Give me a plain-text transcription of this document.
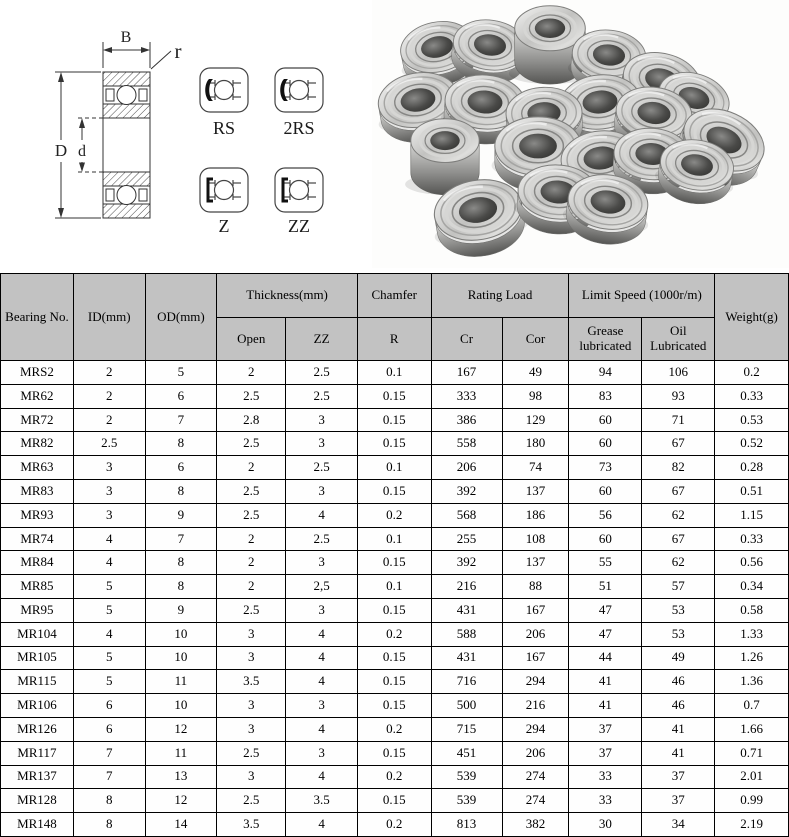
B
r
D d
RS	2RS
Z	ZZ
Bearing No.	ID(mm)	OD(mm)	Thickness(mm)		Chamfer	Rating Load		Limit Speed (1000r/m)		Weight(g)
			Open	ZZ	R	Cr	Cor	Grease lubricated	Oil Lubricated	
MRS2	2	5	2	2.5	0.1	167	49	94	106	0.2
MR62	2	6	2.5	2.5	0.15	333	98	83	93	0.33
MR72	2	7	2.8	3	0.15	386	129	60	71	0.53
MR82	2.5	8	2.5	3	0.15	558	180	60	67	0.52
MR63	3	6	2	2.5	0.1	206	74	73	82	0.28
MR83	3	8	2.5	3	0.15	392	137	60	67	0.51
MR93	3	9	2.5	4	0.2	568	186	56	62	1.15
MR74	4	7	2	2.5	0.1	255	108	60	67	0.33
MR84	4	8	2	3	0.15	392	137	55	62	0.56
MR85	5	8	2	2,5	0.1	216	88	51	57	0.34
MR95	5	9	2.5	3	0.15	431	167	47	53	0.58
MR104	4	10	3	4	0.2	588	206	47	53	1.33
MR105	5	10	3	4	0.15	431	167	44	49	1.26
MR115	5	11	3.5	4	0.15	716	294	41	46	1.36
MR106	6	10	3	3	0.15	500	216	41	46	0.7
MR126	6	12	3	4	0.2	715	294	37	41	1.66
MR117	7	11	2.5	3	0.15	451	206	37	41	0.71
MR137	7	13	3	4	0.2	539	274	33	37	2.01
MR128	8	12	2.5	3.5	0.15	539	274	33	37	0.99
MR148	8	14	3.5	4	0.2	813	382	30	34	2.19
